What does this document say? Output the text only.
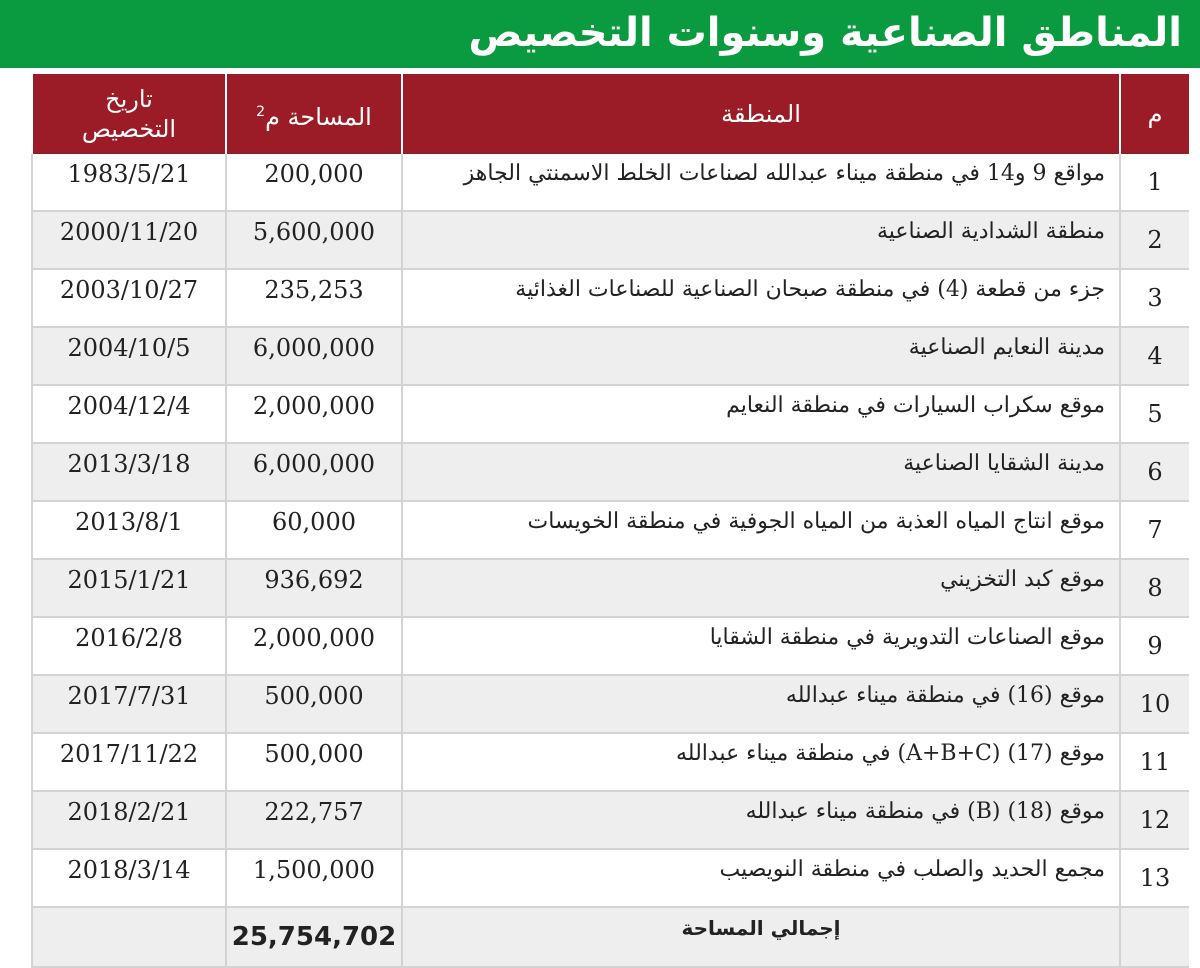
المناطق الصناعية وسنوات التخصيص
م	المنطقة	المساحة م$^2$	تاريخ
التخصيص

1	مواقع 9 و14 في منطقة ميناء عبدالله لصناعات الخلط الاسمنتي الجاهز	200,000	1983/5/21
2	منطقة الشدادية الصناعية	5,600,000	2000/11/20
3	جزء من قطعة (4) في منطقة صبحان الصناعية للصناعات الغذائية	235,253	2003/10/27
4	مدينة النعايم الصناعية	6,000,000	2004/10/5
5	موقع سكراب السيارات في منطقة النعايم	2,000,000	2004/12/4
6	مدينة الشقايا الصناعية	6,000,000	2013/3/18
7	موقع انتاج المياه العذبة من المياه الجوفية في منطقة الخويسات	60,000	2013/8/1
8	موقع كبد التخزيني	936,692	2015/1/21
9	موقع الصناعات التدويرية في منطقة الشقايا	2,000,000	2016/2/8
10	موقع (16) في منطقة ميناء عبدالله	500,000	2017/7/31
11	موقع (17) (A+B+C) في منطقة ميناء عبدالله	500,000	2017/11/22
12	موقع (18) (B) في منطقة ميناء عبدالله	222,757	2018/2/21
13	مجمع الحديد والصلب في منطقة النويصيب	1,500,000	2018/3/14
	إجمالي المساحة	25,754,702	
